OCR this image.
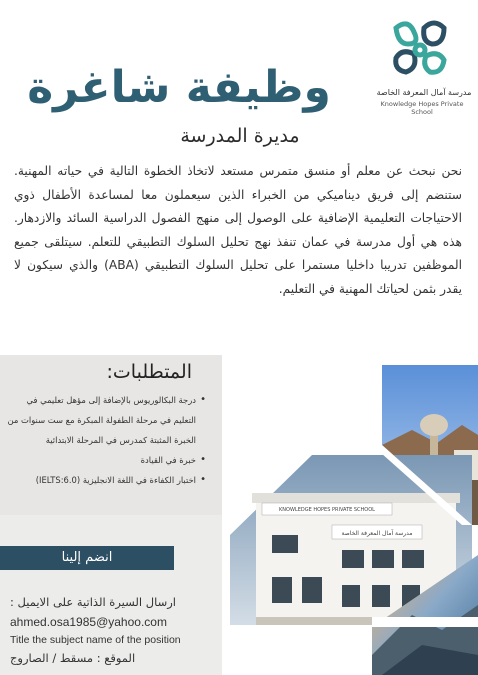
مدرسة آمال المعرفة الخاصة
Knowledge Hopes Private School
وظيفة شاغرة
مديرة المدرسة

نحن نبحث عن معلم أو منسق متمرس مستعد لاتخاذ الخطوة التالية في حياته المهنية. ستنضم إلى فريق ديناميكي من الخبراء الذين سيعملون معا لمساعدة الأطفال ذوي الاحتياجات التعليمية الإضافية على الوصول إلى منهج الفصول الدراسية السائد والازدهار. هذه هي أول مدرسة في عمان تنفذ نهج تحليل السلوك التطبيقي للتعلم. سيتلقى جميع الموظفين تدريبا داخليا مستمرا على تحليل السلوك التطبيقي (ABA) والذي سيكون لا يقدر بثمن لحياتك المهنية في التعليم.

المتطلبات:
• درجة البكالوريوس بالإضافة إلى مؤهل تعليمي في التعليم في مرحلة الطفولة المبكرة مع ست سنوات من الخبرة المثبتة كمدرس في المرحلة الابتدائية
• خبرة في القيادة
• اختبار الكفاءة في اللغة الانجليزية (IELTS:6.0)
KNOWLEDGE HOPES PRIVATE SCHOOL
مدرسة آمال المعرفة الخاصة
انضم إلينا
ارسال السيرة الذاتية على الايميل :
ahmed.osa1985@yahoo.com
Title the subject name of the position
الموقع : مسقط / الصاروج
